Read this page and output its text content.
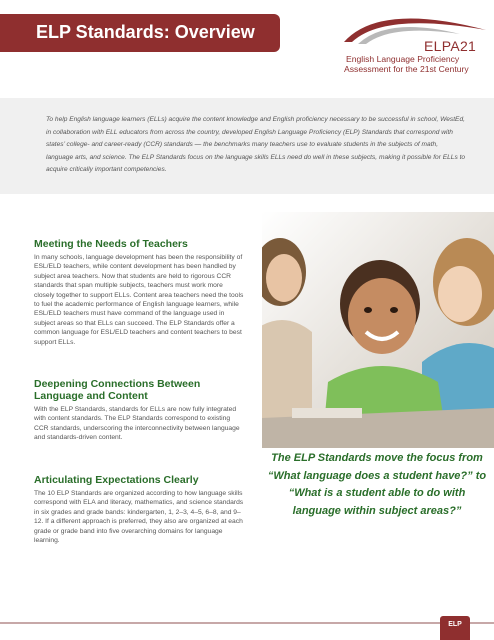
ELP Standards: Overview
ELPA21
English Language Proficiency
Assessment for the 21st Century

To help English language learners (ELLs) acquire the content knowledge and English proficiency necessary to be successful in school, WestEd, in collaboration with ELL educators from across the country, developed English Language Proficiency (ELP) Standards that correspond with states’ college- and career-ready (CCR) standards — the benchmarks many teachers use to evaluate students in the subjects of math, language arts, and science. The ELP Standards focus on the language skills ELLs need do well in these subjects, making it possible for ELLs to acquire critically important competencies.

Meeting the Needs of Teachers

In many schools, language development has been the responsibility of ESL/ELD teachers, while content development has been handled by subject area teachers. Now that students are held to rigorous CCR standards that span multiple subjects, teachers must work more closely together to support ELLs. Content area teachers need the tools to fuel the academic performance of English language learners, while ESL/ELD teachers must have command of the language used in subject areas so that ELLs can succeed. The ELP Standards offer a common language for ESL/ELD teachers and content teachers to best support ELLs.

Deepening Connections Between Language and Content

With the ELP Standards, standards for ELLs are now fully integrated with content standards. The ELP Standards correspond to existing CCR standards, underscoring the interconnectivity between language and standards-driven content.

Articulating Expectations Clearly

The 10 ELP Standards are organized according to how language skills correspond with ELA and literacy, mathematics, and science standards in six grades and grade bands: kindergarten, 1, 2–3, 4–5, 6–8, and 9–12. If a different approach is preferred, they also are organized at each grade or grade band into five overarching domains for language learning.

The ELP Standards move the focus from “What language does a student have?” to “What is a student able to do with language within subject areas?”
ELP
